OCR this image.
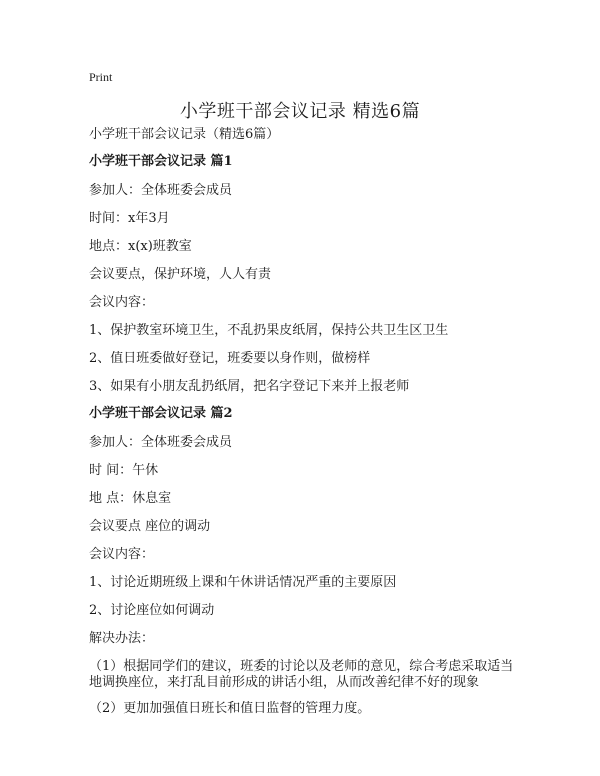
Print
小学班干部会议记录 精选6篇

小学班干部会议记录（精选6篇）

小学班干部会议记录 篇1

参加人：全体班委会成员

时间：x年3月

地点：x(x)班教室

会议要点，保护环境，人人有责

会议内容：

1、保护教室环境卫生，不乱扔果皮纸屑，保持公共卫生区卫生

2、值日班委做好登记，班委要以身作则，做榜样

3、如果有小朋友乱扔纸屑，把名字登记下来并上报老师

小学班干部会议记录 篇2

参加人：全体班委会成员

时 间：午休

地 点：休息室

会议要点 座位的调动

会议内容：

1、讨论近期班级上课和午休讲话情况严重的主要原因

2、讨论座位如何调动

解决办法：

（1）根据同学们的建议，班委的讨论以及老师的意见，综合考虑采取适当地调换座位，来打乱目前形成的讲话小组，从而改善纪律不好的现象

（2）更加加强值日班长和值日监督的管理力度。
